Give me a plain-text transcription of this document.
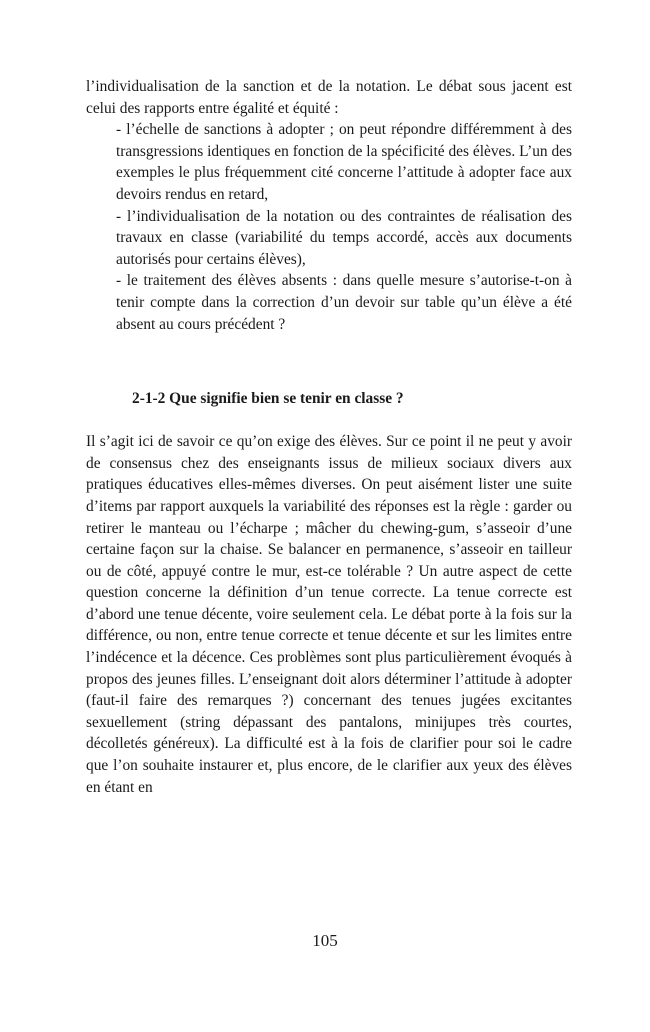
l’individualisation de la sanction et de la notation. Le débat sous jacent est celui des rapports entre égalité et équité :

- l’échelle de sanctions à adopter ; on peut répondre différemment à des transgressions identiques en fonction de la spécificité des élèves. L’un des exemples le plus fréquemment cité concerne l’attitude à adopter face aux devoirs rendus en retard,
- l’individualisation de la notation ou des contraintes de réalisation des travaux en classe (variabilité du temps accordé, accès aux documents autorisés pour certains élèves),
- le traitement des élèves absents : dans quelle mesure s’autorise-t-on à tenir compte dans la correction d’un devoir sur table qu’un élève a été absent au cours précédent ?
2-1-2 Que signifie bien se tenir en classe ?

Il s’agit ici de savoir ce qu’on exige des élèves. Sur ce point il ne peut y avoir de consensus chez des enseignants issus de milieux sociaux divers aux pratiques éducatives elles-mêmes diverses. On peut aisément lister une suite d’items par rapport auxquels la variabilité des réponses est la règle : garder ou retirer le manteau ou l’écharpe ; mâcher du chewing-gum, s’asseoir d’une certaine façon sur la chaise. Se balancer en permanence, s’asseoir en tailleur ou de côté, appuyé contre le mur, est-ce tolérable ? Un autre aspect de cette question concerne la définition d’un tenue correcte. La tenue correcte est d’abord une tenue décente, voire seulement cela. Le débat porte à la fois sur la différence, ou non, entre tenue correcte et tenue décente et sur les limites entre l’indécence et la décence. Ces problèmes sont plus particulièrement évoqués à propos des jeunes filles. L’enseignant doit alors déterminer l’attitude à adopter (faut-il faire des remarques ?) concernant des tenues jugées excitantes sexuellement (string dépassant des pantalons, minijupes très courtes, décolletés généreux). La difficulté est à la fois de clarifier pour soi le cadre que l’on souhaite instaurer et, plus encore, de le clarifier aux yeux des élèves en étant en

105
